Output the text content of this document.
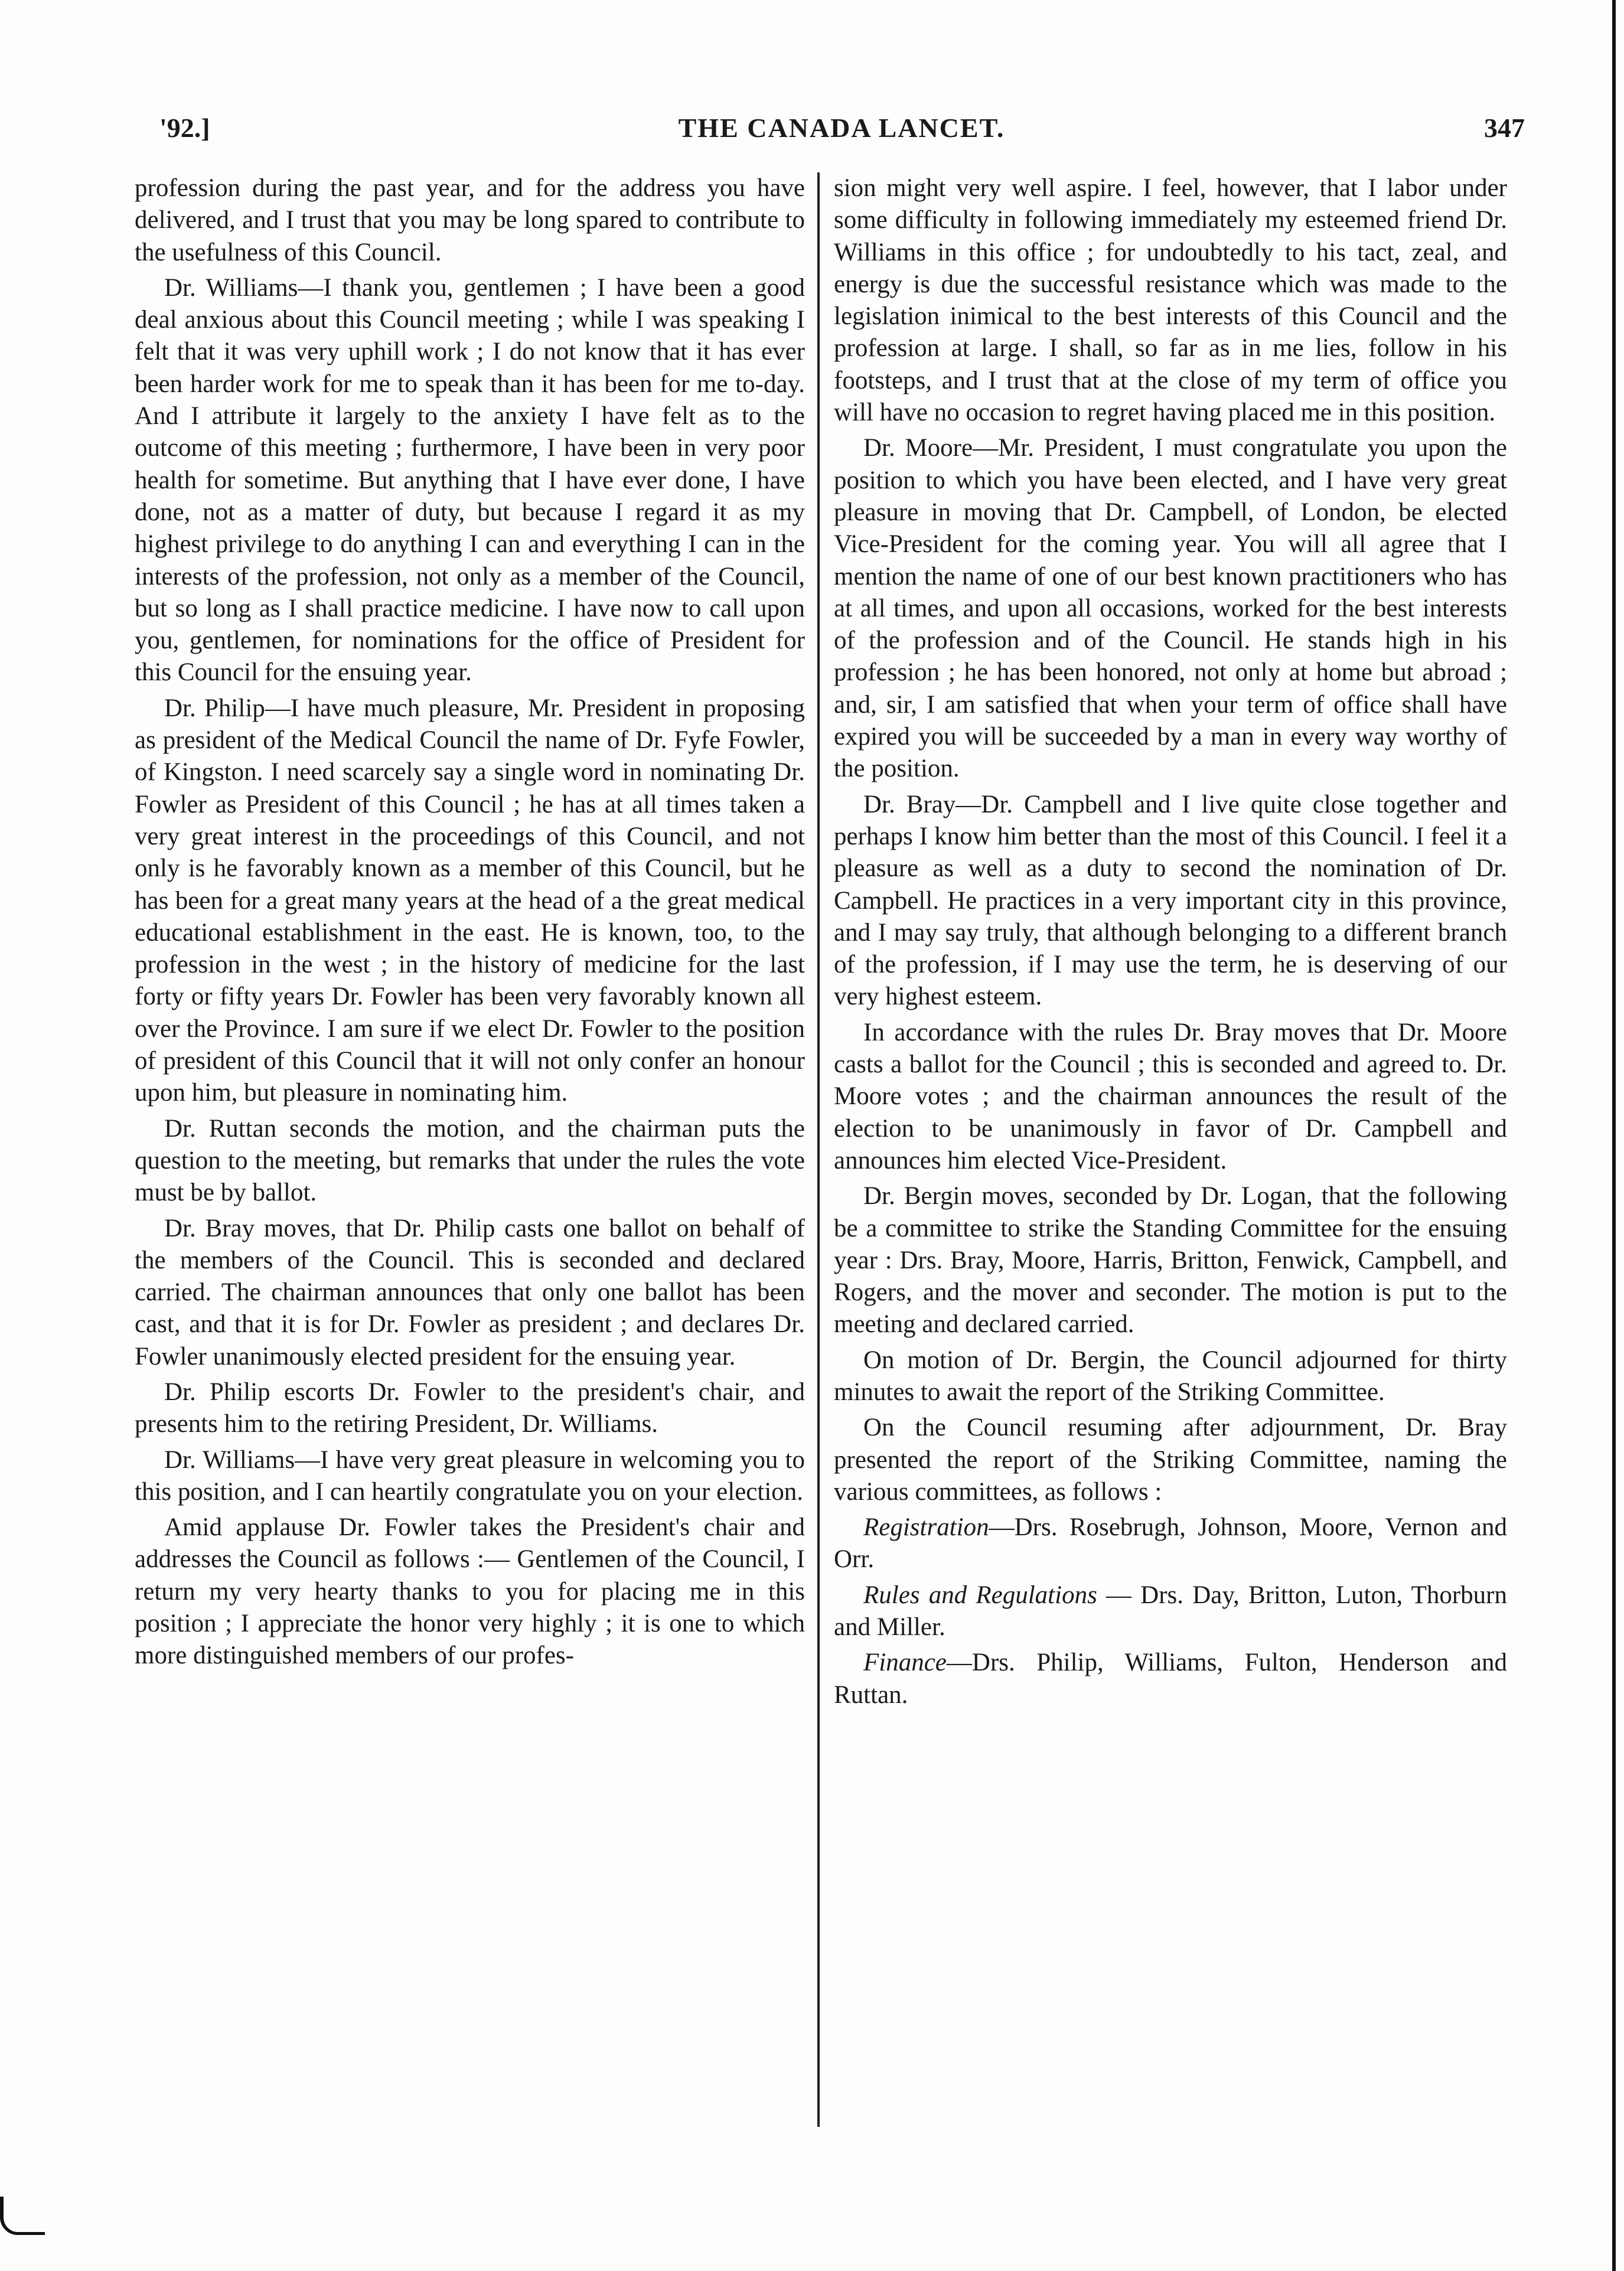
'92.]	THE CANADA LANCET.	347

profession during the past year, and for the address you have delivered, and I trust that you may be long spared to contribute to the usefulness of this Council.

Dr. Williams—I thank you, gentlemen ; I have been a good deal anxious about this Council meeting ; while I was speaking I felt that it was very uphill work ; I do not know that it has ever been harder work for me to speak than it has been for me to-day. And I attribute it largely to the anxiety I have felt as to the outcome of this meeting ; furthermore, I have been in very poor health for sometime. But anything that I have ever done, I have done, not as a matter of duty, but because I regard it as my highest privilege to do anything I can and everything I can in the interests of the profession, not only as a member of the Council, but so long as I shall practice medicine. I have now to call upon you, gentlemen, for nominations for the office of President for this Council for the ensuing year.

Dr. Philip—I have much pleasure, Mr. President in proposing as president of the Medical Council the name of Dr. Fyfe Fowler, of Kingston. I need scarcely say a single word in nominating Dr. Fowler as President of this Council ; he has at all times taken a very great interest in the proceedings of this Council, and not only is he favorably known as a member of this Council, but he has been for a great many years at the head of a the great medical educational establishment in the east. He is known, too, to the profession in the west ; in the history of medicine for the last forty or fifty years Dr. Fowler has been very favorably known all over the Province. I am sure if we elect Dr. Fowler to the position of president of this Council that it will not only confer an honour upon him, but pleasure in nominating him.

Dr. Ruttan seconds the motion, and the chairman puts the question to the meeting, but remarks that under the rules the vote must be by ballot.

Dr. Bray moves, that Dr. Philip casts one ballot on behalf of the members of the Council. This is seconded and declared carried. The chairman announces that only one ballot has been cast, and that it is for Dr. Fowler as president ; and declares Dr. Fowler unanimously elected president for the ensuing year.

Dr. Philip escorts Dr. Fowler to the president's chair, and presents him to the retiring President, Dr. Williams.

Dr. Williams—I have very great pleasure in welcoming you to this position, and I can heartily congratulate you on your election.

Amid applause Dr. Fowler takes the President's chair and addresses the Council as follows :— Gentlemen of the Council, I return my very hearty thanks to you for placing me in this position ; I appreciate the honor very highly ; it is one to which more distinguished members of our profes-

sion might very well aspire. I feel, however, that I labor under some difficulty in following immediately my esteemed friend Dr. Williams in this office ; for undoubtedly to his tact, zeal, and energy is due the successful resistance which was made to the legislation inimical to the best interests of this Council and the profession at large. I shall, so far as in me lies, follow in his footsteps, and I trust that at the close of my term of office you will have no occasion to regret having placed me in this position.

Dr. Moore—Mr. President, I must congratulate you upon the position to which you have been elected, and I have very great pleasure in moving that Dr. Campbell, of London, be elected Vice-President for the coming year. You will all agree that I mention the name of one of our best known practitioners who has at all times, and upon all occasions, worked for the best interests of the profession and of the Council. He stands high in his profession ; he has been honored, not only at home but abroad ; and, sir, I am satisfied that when your term of office shall have expired you will be succeeded by a man in every way worthy of the position.

Dr. Bray—Dr. Campbell and I live quite close together and perhaps I know him better than the most of this Council. I feel it a pleasure as well as a duty to second the nomination of Dr. Campbell. He practices in a very important city in this province, and I may say truly, that although belonging to a different branch of the profession, if I may use the term, he is deserving of our very highest esteem.

In accordance with the rules Dr. Bray moves that Dr. Moore casts a ballot for the Council ; this is seconded and agreed to. Dr. Moore votes ; and the chairman announces the result of the election to be unanimously in favor of Dr. Campbell and announces him elected Vice-President.

Dr. Bergin moves, seconded by Dr. Logan, that the following be a committee to strike the Standing Committee for the ensuing year : Drs. Bray, Moore, Harris, Britton, Fenwick, Campbell, and Rogers, and the mover and seconder. The motion is put to the meeting and declared carried.

On motion of Dr. Bergin, the Council adjourned for thirty minutes to await the report of the Striking Committee.

On the Council resuming after adjournment, Dr. Bray presented the report of the Striking Committee, naming the various committees, as follows :

Registration—Drs. Rosebrugh, Johnson, Moore, Vernon and Orr.

Rules and Regulations — Drs. Day, Britton, Luton, Thorburn and Miller.

Finance—Drs. Philip, Williams, Fulton, Henderson and Ruttan.
